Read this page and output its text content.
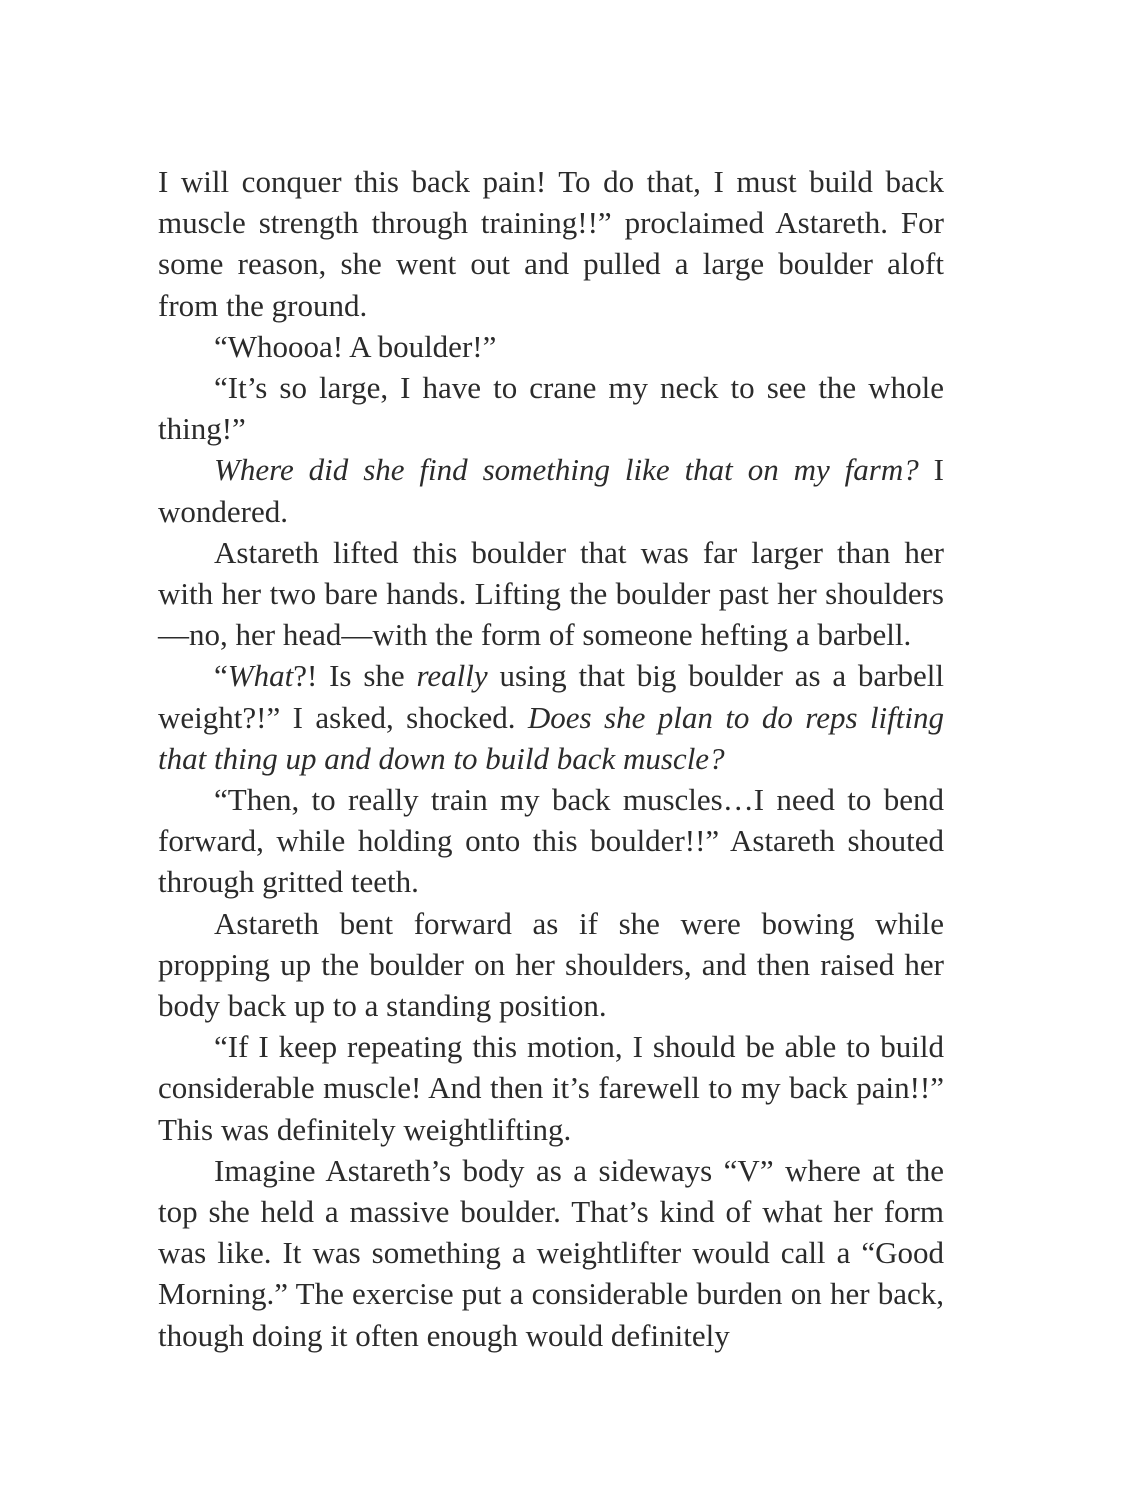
I will conquer this back pain! To do that, I must build back muscle strength through training!!” proclaimed Astareth. For some reason, she went out and pulled a large boulder aloft from the ground.

“Whoooa! A boulder!”

“It’s so large, I have to crane my neck to see the whole thing!”

Where did she find something like that on my farm? I wondered.

Astareth lifted this boulder that was far larger than her with her two bare hands. Lifting the boulder past her shoulders—no, her head—with the form of someone hefting a barbell.

“What?! Is she really using that big boulder as a barbell weight?!” I asked, shocked. Does she plan to do reps lifting that thing up and down to build back muscle?

“Then, to really train my back muscles…I need to bend forward, while holding onto this boulder!!” Astareth shouted through gritted teeth.

Astareth bent forward as if she were bowing while propping up the boulder on her shoulders, and then raised her body back up to a standing position.

“If I keep repeating this motion, I should be able to build considerable muscle! And then it’s farewell to my back pain!!” This was definitely weightlifting.

Imagine Astareth’s body as a sideways “V” where at the top she held a massive boulder. That’s kind of what her form was like. It was something a weightlifter would call a “Good Morning.” The exercise put a considerable burden on her back, though doing it often enough would definitely
